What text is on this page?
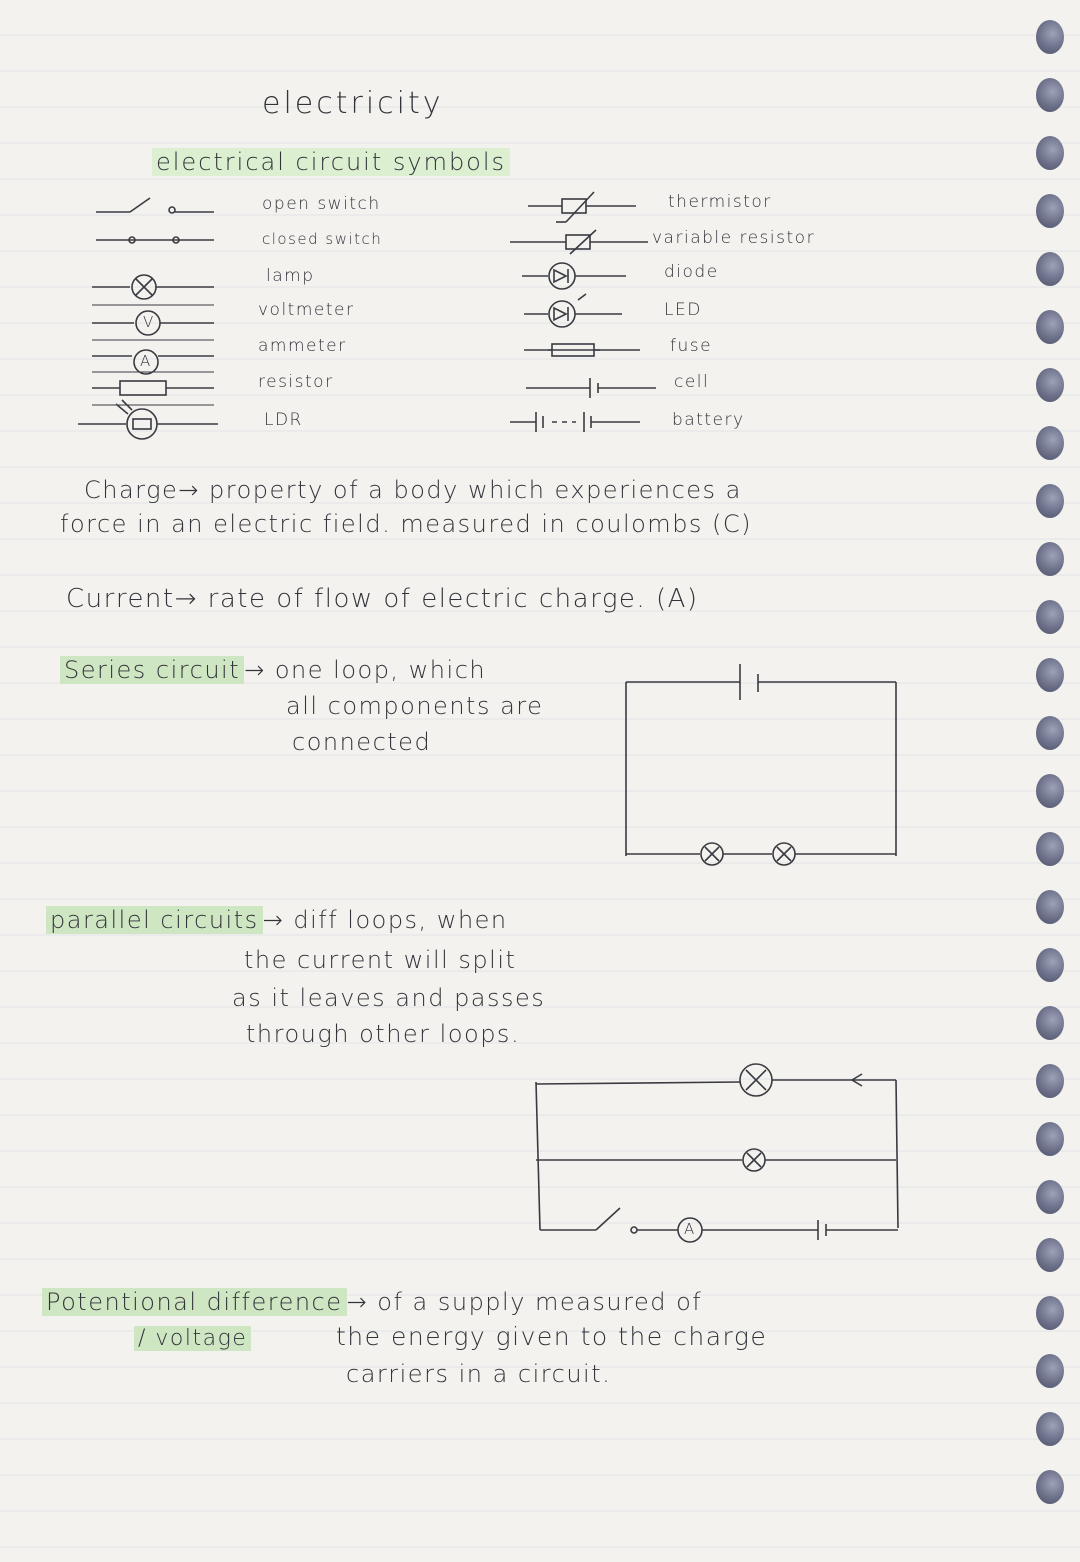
electricity
electrical circuit symbols
open switch
closed switch
lamp
voltmeter
ammeter
resistor
LDR
thermistor
variable resistor
diode
LED
fuse
cell
battery
V
A
A
Charge→ property of a body which experiences a
force in an electric field. measured in coulombs (C)
Current→ rate of flow of electric charge. (A)
Series circuit → one loop, which
all components are
connected
parallel circuits → diff loops, when
the current will split
as it leaves and passes
through other loops.
Potentional difference → of a supply measured of
/ voltage	the energy given to the charge
carriers in a circuit.
